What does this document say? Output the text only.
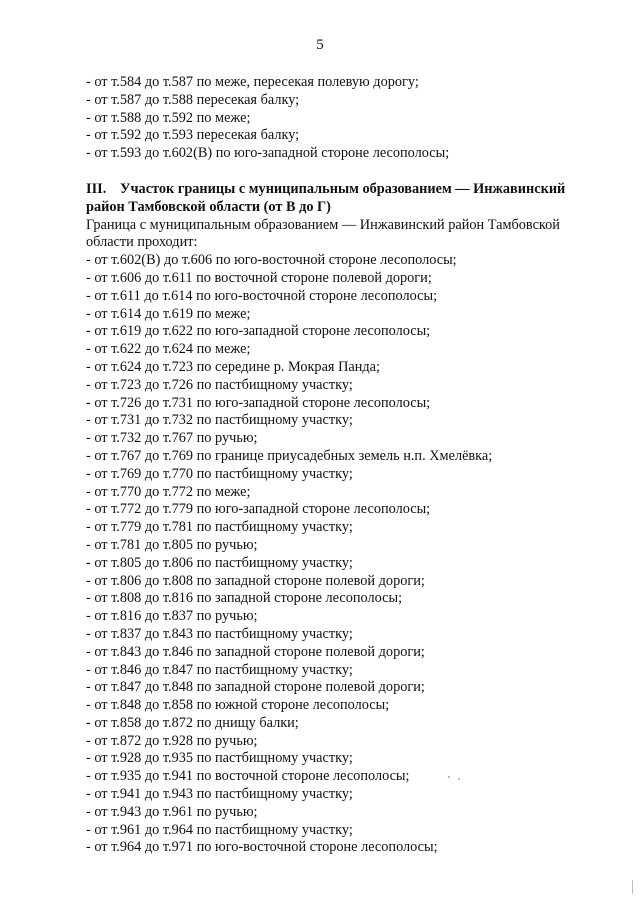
5
- от т.584 до т.587 по меже, пересекая полевую дорогу;
- от т.587 до т.588 пересекая балку;
- от т.588 до т.592 по меже;
- от т.592 до т.593 пересекая балку;
- от т.593 до т.602(В) по юго-западной стороне лесополосы;
III. Участок границы с муниципальным образованием — Инжавинский
район Тамбовской области (от В до Г)
Граница с муниципальным образованием — Инжавинский район Тамбовской
области проходит:
- от т.602(В) до т.606 по юго-восточной стороне лесополосы;
- от т.606 до т.611 по восточной стороне полевой дороги;
- от т.611 до т.614 по юго-восточной стороне лесополосы;
- от т.614 до т.619 по меже;
- от т.619 до т.622 по юго-западной стороне лесополосы;
- от т.622 до т.624 по меже;
- от т.624 до т.723 по середине р. Мокрая Панда;
- от т.723 до т.726 по пастбищному участку;
- от т.726 до т.731 по юго-западной стороне лесополосы;
- от т.731 до т.732 по пастбищному участку;
- от т.732 до т.767 по ручью;
- от т.767 до т.769 по границе приусадебных земель н.п. Хмелёвка;
- от т.769 до т.770 по пастбищному участку;
- от т.770 до т.772 по меже;
- от т.772 до т.779 по юго-западной стороне лесополосы;
- от т.779 до т.781 по пастбищному участку;
- от т.781 до т.805 по ручью;
- от т.805 до т.806 по пастбищному участку;
- от т.806 до т.808 по западной стороне полевой дороги;
- от т.808 до т.816 по западной стороне лесополосы;
- от т.816 до т.837 по ручью;
- от т.837 до т.843 по пастбищному участку;
- от т.843 до т.846 по западной стороне полевой дороги;
- от т.846 до т.847 по пастбищному участку;
- от т.847 до т.848 по западной стороне полевой дороги;
- от т.848 до т.858 по южной стороне лесополосы;
- от т.858 до т.872 по днищу балки;
- от т.872 до т.928 по ручью;
- от т.928 до т.935 по пастбищному участку;
- от т.935 до т.941 по восточной стороне лесополосы;
- от т.941 до т.943 по пастбищному участку;
- от т.943 до т.961 по ручью;
- от т.961 до т.964 по пастбищному участку;
- от т.964 до т.971 по юго-восточной стороне лесополосы;
